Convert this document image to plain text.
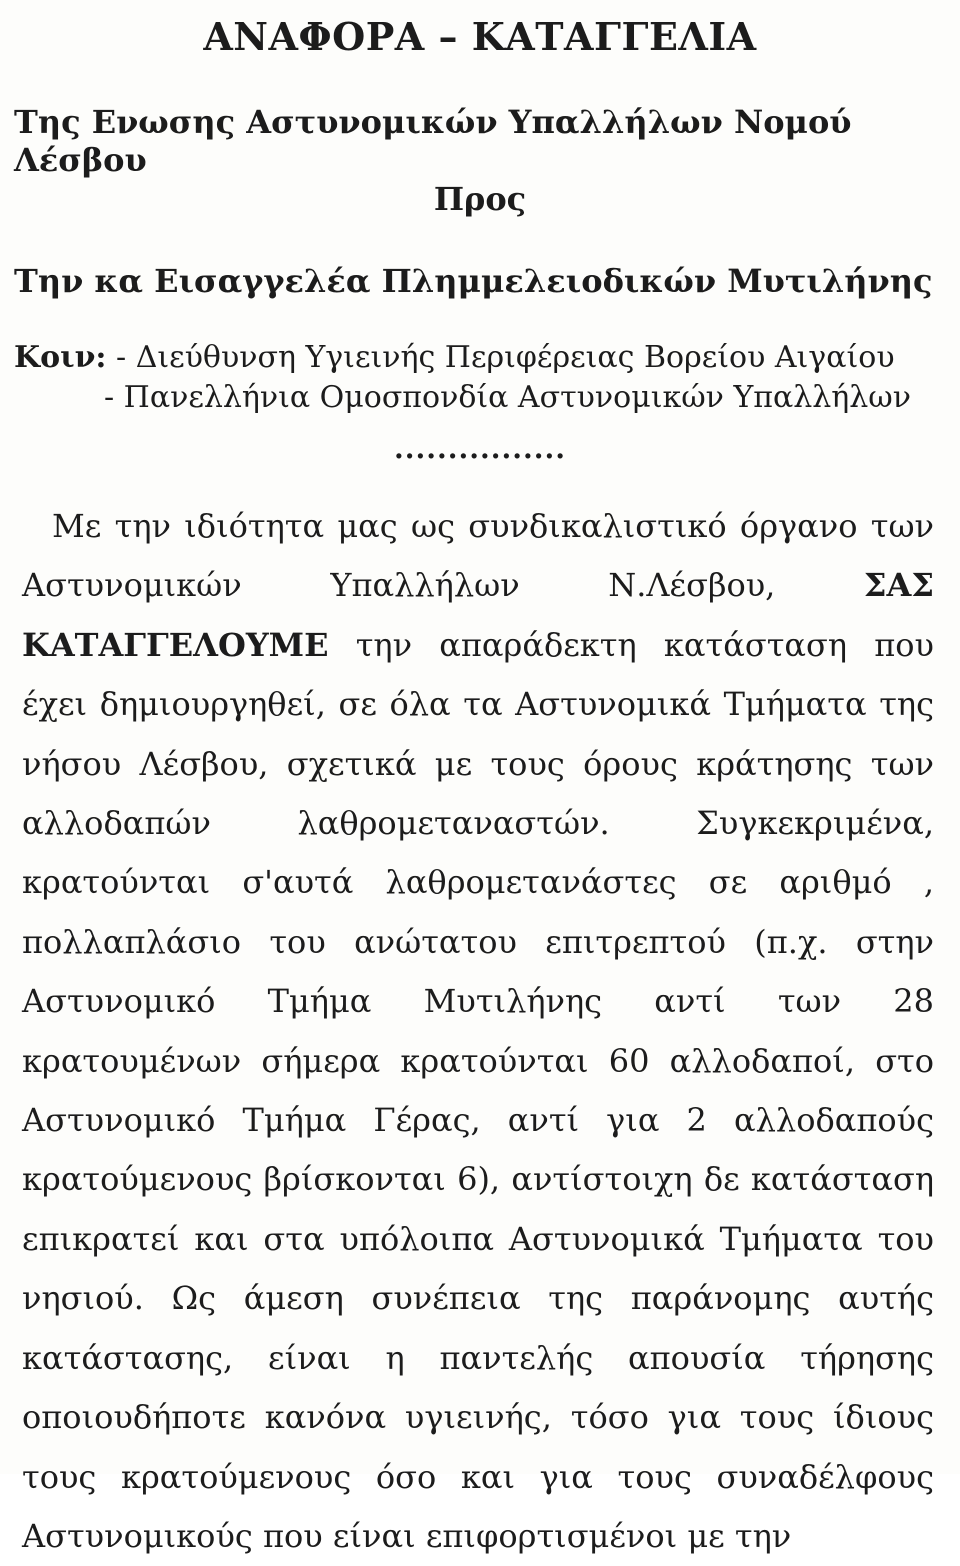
ΑΝΑΦΟΡΑ – ΚΑΤΑΓΓΕΛΙΑ
Της Ενωσης Αστυνομικών Υπαλλήλων Νομού Λέσβου
Προς
Την κα Εισαγγελέα Πλημμελειοδικών Μυτιλήνης
Κοιν: - Διεύθυνση Υγιεινής Περιφέρειας Βορείου Αιγαίου
- Πανελλήνια Ομοσπονδία Αστυνομικών Υπαλλήλων
................

Με την ιδιότητα μας ως συνδικαλιστικό όργανο των Αστυνομικών Υπαλλήλων Ν.Λέσβου,	ΣΑΣ ΚΑΤΑΓΓΕΛΟΥΜΕ την απαράδεκτη κατάσταση που έχει δημιουργηθεί, σε όλα τα Αστυνομικά Τμήματα της νήσου Λέσβου, σχετικά με τους όρους κράτησης των αλλοδαπών λαθρομεταναστών. Συγκεκριμένα, κρατούνται σ'αυτά λαθρομετανάστες σε αριθμό , πολλαπλάσιο του ανώτατου επιτρεπτού (π.χ. στην Αστυνομικό Τμήμα Μυτιλήνης αντί των 28 κρατουμένων σήμερα κρατούνται 60 αλλοδαποί, στο Αστυνομικό Τμήμα Γέρας, αντί για 2 αλλοδαπούς κρατούμενους βρίσκονται 6), αντίστοιχη δε κατάσταση επικρατεί και στα υπόλοιπα Αστυνομικά Τμήματα του νησιού. Ως άμεση συνέπεια της παράνομης αυτής κατάστασης, είναι η παντελής απουσία τήρησης οποιουδήποτε κανόνα υγιεινής, τόσο για τους ίδιους τους κρατούμενους όσο και για τους συναδέλφους Αστυνομικούς που είναι επιφορτισμένοι με την
